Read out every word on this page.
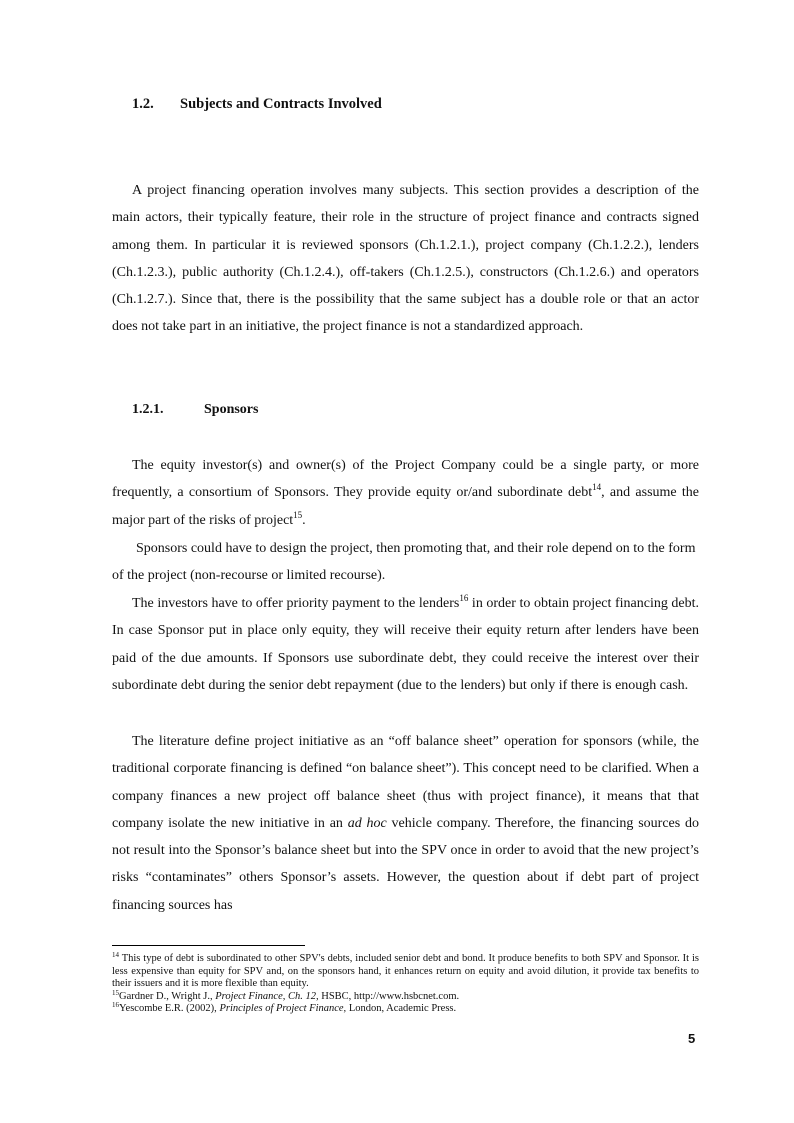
1.2. Subjects and Contracts Involved

A project financing operation involves many subjects. This section provides a description of the main actors, their typically feature, their role in the structure of project finance and contracts signed among them. In particular it is reviewed sponsors (Ch.1.2.1.), project company (Ch.1.2.2.), lenders (Ch.1.2.3.), public authority (Ch.1.2.4.), off-takers (Ch.1.2.5.), constructors (Ch.1.2.6.) and operators (Ch.1.2.7.). Since that, there is the possibility that the same subject has a double role or that an actor does not take part in an initiative, the project finance is not a standardized approach.

1.2.1.	Sponsors

The equity investor(s) and owner(s) of the Project Company could be a single party, or more frequently, a consortium of Sponsors. They provide equity or/and subordinate debt$^{14}$, and assume the major part of the risks of project$^{15}$.

Sponsors could have to design the project, then promoting that, and their role depend on to the form of the project (non-recourse or limited recourse).

The investors have to offer priority payment to the lenders$^{16}$ in order to obtain project financing debt. In case Sponsor put in place only equity, they will receive their equity return after lenders have been paid of the due amounts. If Sponsors use subordinate debt, they could receive the interest over their subordinate debt during the senior debt repayment (due to the lenders) but only if there is enough cash.

The literature define project initiative as an “off balance sheet” operation for sponsors (while, the traditional corporate financing is defined “on balance sheet”). This concept need to be clarified. When a company finances a new project off balance sheet (thus with project finance), it means that that company isolate the new initiative in an ad hoc vehicle company. Therefore, the financing sources do not result into the Sponsor’s balance sheet but into the SPV once in order to avoid that the new project’s risks “contaminates” others Sponsor’s assets. However, the question about if debt part of project financing sources has

$^{14}$ This type of debt is subordinated to other SPV's debts, included senior debt and bond. It produce benefits to both SPV and Sponsor. It is less expensive than equity for SPV and, on the sponsors hand, it enhances return on equity and avoid dilution, it provide tax benefits to their issuers and it is more flexible than equity.

$^{15}$Gardner D., Wright J., Project Finance, Ch. 12, HSBC, http://www.hsbcnet.com.

$^{16}$Yescombe E.R. (2002), Principles of Project Finance, London, Academic Press.

5
